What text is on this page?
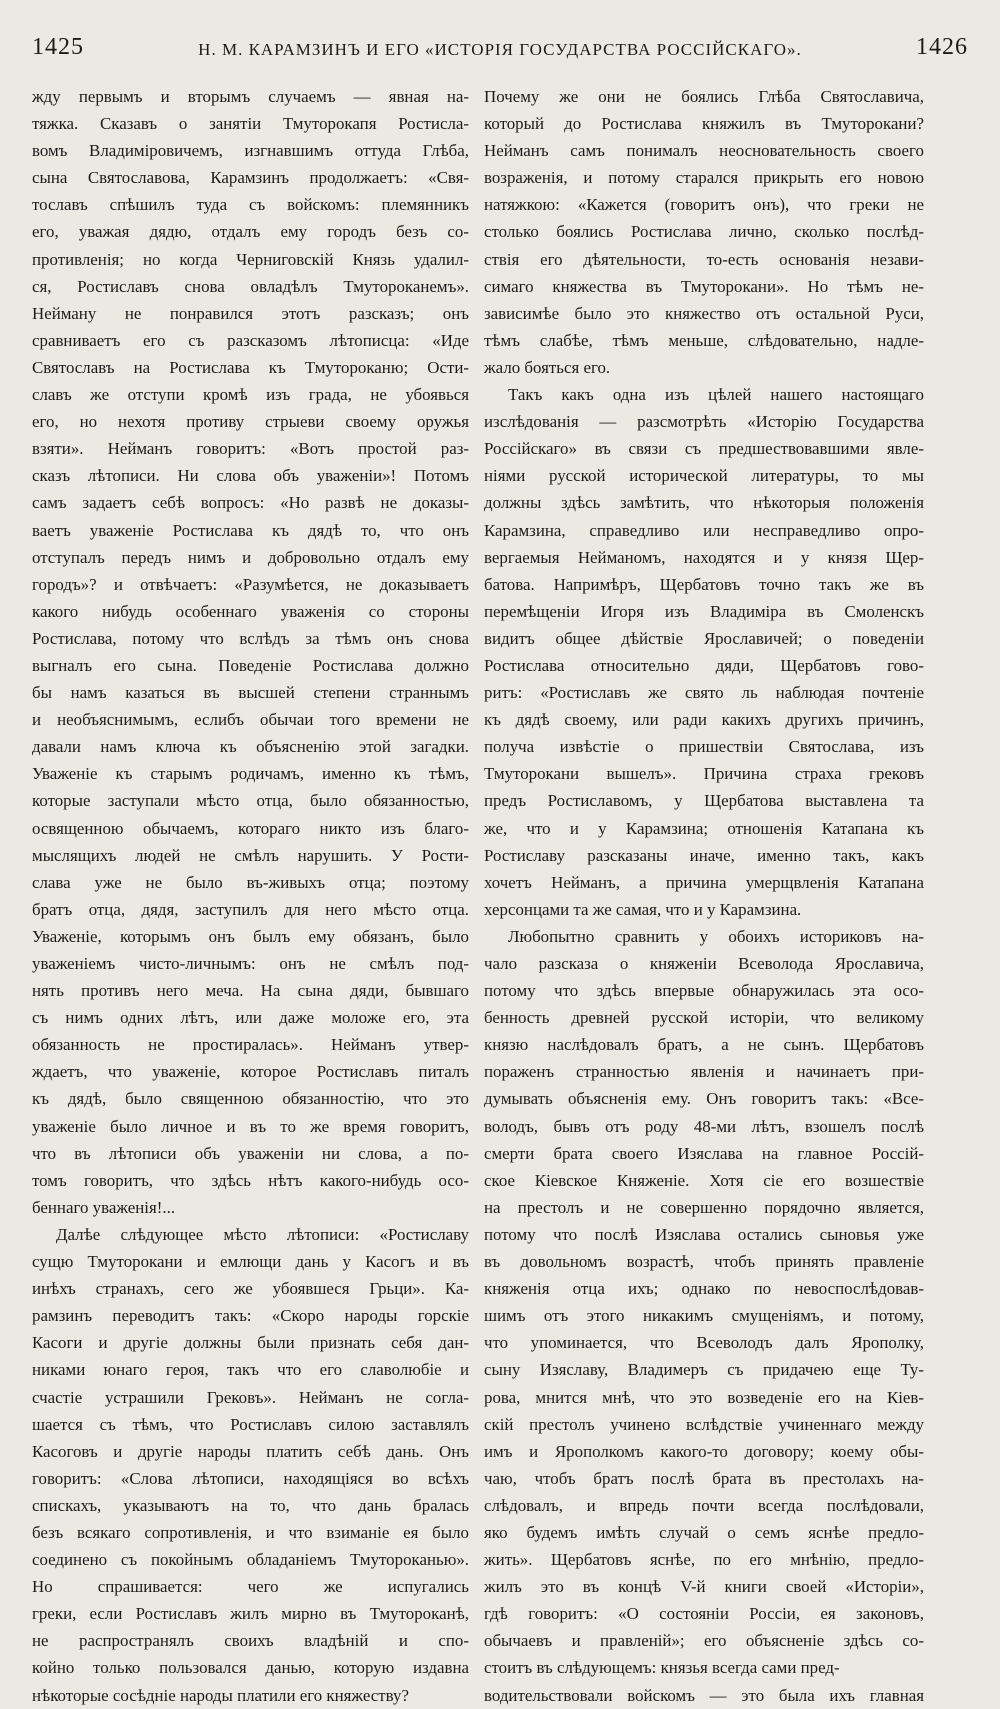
1425	Н. М. КАРАМЗИНЪ И ЕГО «ИСТОРІЯ ГОСУДАРСТВА РОССІЙСКАГО».	1426

жду первымъ и вторымъ случаемъ — явная на-

тяжка. Сказавъ о занятіи Тмуторокапя Ростисла-

вомъ Владиміровичемъ, изгнавшимъ оттуда Глѣба,

сына Святославова, Карамзинъ продолжаетъ: «Свя-

тославъ спѣшилъ туда съ войскомъ: племянникъ

его, уважая дядю, отдалъ ему городъ безъ со-

противленія; но когда Черниговскій Князь удалил-

ся, Ростиславъ снова овладѣлъ Тмутороканемъ».

Нейману не понравился этотъ разсказъ; онъ

сравниваетъ его съ разсказомъ лѣтописца: «Иде

Святославъ на Ростислава къ Тмутороканю; Ости-

славъ же отступи кромѣ изъ града, не убоявься

его, но нехотя противу стрыеви своему оружья

взяти». Нейманъ говоритъ: «Вотъ простой раз-

сказъ лѣтописи. Ни слова объ уваженіи»! Потомъ

самъ задаетъ себѣ вопросъ: «Но развѣ не доказы-

ваетъ уваженіе Ростислава къ дядѣ то, что онъ

отступалъ передъ нимъ и добровольно отдалъ ему

городъ»? и отвѣчаетъ: «Разумѣется, не доказываетъ

какого нибудь особеннаго уваженія со стороны

Ростислава, потому что вслѣдъ за тѣмъ онъ снова

выгналъ его сына. Поведеніе Ростислава должно

бы намъ казаться въ высшей степени страннымъ

и необъяснимымъ, еслибъ обычаи того времени не

давали намъ ключа къ объясненію этой загадки.

Уваженіе къ старымъ родичамъ, именно къ тѣмъ,

которые заступали мѣсто отца, было обязанностью,

освященною обычаемъ, котораго никто изъ благо-

мыслящихъ людей не смѣлъ нарушить. У Рости-

слава уже не было въ-живыхъ отца; поэтому

братъ отца, дядя, заступилъ для него мѣсто отца.

Уваженіе, которымъ онъ былъ ему обязанъ, было

уваженіемъ чисто-личнымъ: онъ не смѣлъ под-

нять противъ него меча. На сына дяди, бывшаго

съ нимъ одних лѣтъ, или даже моложе его, эта

обязанность не простиралась». Нейманъ утвер-

ждаетъ, что уваженіе, которое Ростиславъ питалъ

къ дядѣ, было священною обязанностію, что это

уваженіе было личное и въ то же время говоритъ,

что въ лѣтописи объ уваженіи ни слова, а по-

томъ говоритъ, что здѣсь нѣтъ какого-нибудь осо-

беннаго уваженія!...

Далѣе слѣдующее мѣсто лѣтописи: «Ростиславу

сущю Тмуторокани и емлющи дань у Касогъ и въ

инѣхъ странахъ, сего же убоявшеся Грьци». Ка-

рамзинъ переводитъ такъ: «Скоро народы горскіе

Касоги и другіе должны были признать себя дан-

никами юнаго героя, такъ что его славолюбіе и

счастіе устрашили Грековъ». Нейманъ не согла-

шается съ тѣмъ, что Ростиславъ силою заставлялъ

Касоговъ и другіе народы платить себѣ дань. Онъ

говоритъ: «Слова лѣтописи, находящіяся во всѣхъ

спискахъ, указываютъ на то, что дань бралась

безъ всякаго сопротивленія, и что взиманіе ея было

соединено съ покойнымъ обладаніемъ Тмутороканью».

Но спрашивается: чего же испугались

греки, если Ростиславъ жилъ мирно въ Тмутороканѣ,

не распространялъ своихъ владѣній и спо-

койно только пользовался данью, которую издавна

нѣкоторые сосѣдніе народы платили его княжеству?

Почему же они не боялись Глѣба Святославича,

который до Ростислава княжилъ въ Тмуторокани?

Нейманъ самъ понималъ неосновательность своего

возраженія, и потому старался прикрыть его новою

натяжкою: «Кажется (говоритъ онъ), что греки не

столько боялись Ростислава лично, сколько послѣд-

ствія его дѣятельности, то-есть основанія незави-

симаго княжества въ Тмуторокани». Но тѣмъ не-

зависимѣе было это княжество отъ остальной Руси,

тѣмъ слабѣе, тѣмъ меньше, слѣдовательно, надле-

жало бояться его.

Такъ какъ одна изъ цѣлей нашего настоящаго

изслѣдованія — разсмотрѣть «Исторію Государства

Россійскаго» въ связи съ предшествовавшими явле-

ніями русской исторической литературы, то мы

должны здѣсь замѣтить, что нѣкоторыя положенія

Карамзина, справедливо или несправедливо опро-

вергаемыя Нейманомъ, находятся и у князя Щер-

батова. Напримѣръ, Щербатовъ точно такъ же въ

перемѣщеніи Игоря изъ Владиміра въ Смоленскъ

видитъ общее дѣйствіе Ярославичей; о поведеніи

Ростислава относительно дяди, Щербатовъ гово-

ритъ: «Ростиславъ же свято ль наблюдая почтеніе

къ дядѣ своему, или ради какихъ другихъ причинъ,

получа извѣстіе о пришествіи Святослава, изъ

Тмуторокани вышелъ». Причина страха грековъ

предъ Ростиславомъ, у Щербатова выставлена та

же, что и у Карамзина; отношенія Катапана къ

Ростиславу разсказаны иначе, именно такъ, какъ

хочетъ Нейманъ, а причина умерщвленія Катапана

херсонцами та же самая, что и у Карамзина.

Любопытно сравнить у обоихъ историковъ на-

чало разсказа о княженіи Всеволода Ярославича,

потому что здѣсь впервые обнаружилась эта осо-

бенность древней русской исторіи, что великому

князю наслѣдовалъ братъ, а не сынъ. Щербатовъ

пораженъ странностью явленія и начинаетъ при-

думывать объясненія ему. Онъ говоритъ такъ: «Все-

володъ, бывъ отъ роду 48-ми лѣтъ, взошелъ послѣ

смерти брата своего Изяслава на главное Россій-

ское Кіевское Княженіе. Хотя сіе его возшествіе

на престолъ и не совершенно порядочно является,

потому что послѣ Изяслава остались сыновья уже

въ довольномъ возрастѣ, чтобъ принять правленіе

княженія отца ихъ; однако по невоспослѣдовав-

шимъ отъ этого никакимъ смущеніямъ, и потому,

что упоминается, что Всеволодъ далъ Ярополку,

сыну Изяславу, Владимеръ съ придачею еще Ту-

рова, мнится мнѣ, что это возведеніе его на Кіев-

скій престолъ учинено вслѣдствіе учиненнаго между

имъ и Ярополкомъ какого-то договору; коему обы-

чаю, чтобъ братъ послѣ брата въ престолахъ на-

слѣдовалъ, и впредь почти всегда послѣдовали,

яко будемъ имѣть случай о семъ яснѣе предло-

жить». Щербатовъ яснѣе, по его мнѣнію, предло-

жилъ это въ концѣ V-й книги своей «Исторіи»,

гдѣ говоритъ: «О состояніи Россіи, ея законовъ,

обычаевъ и правленій»; его объясненіе здѣсь со-

стоитъ въ слѣдующемъ: князья всегда сами пред-

водительствовали войскомъ — это была ихъ главная
